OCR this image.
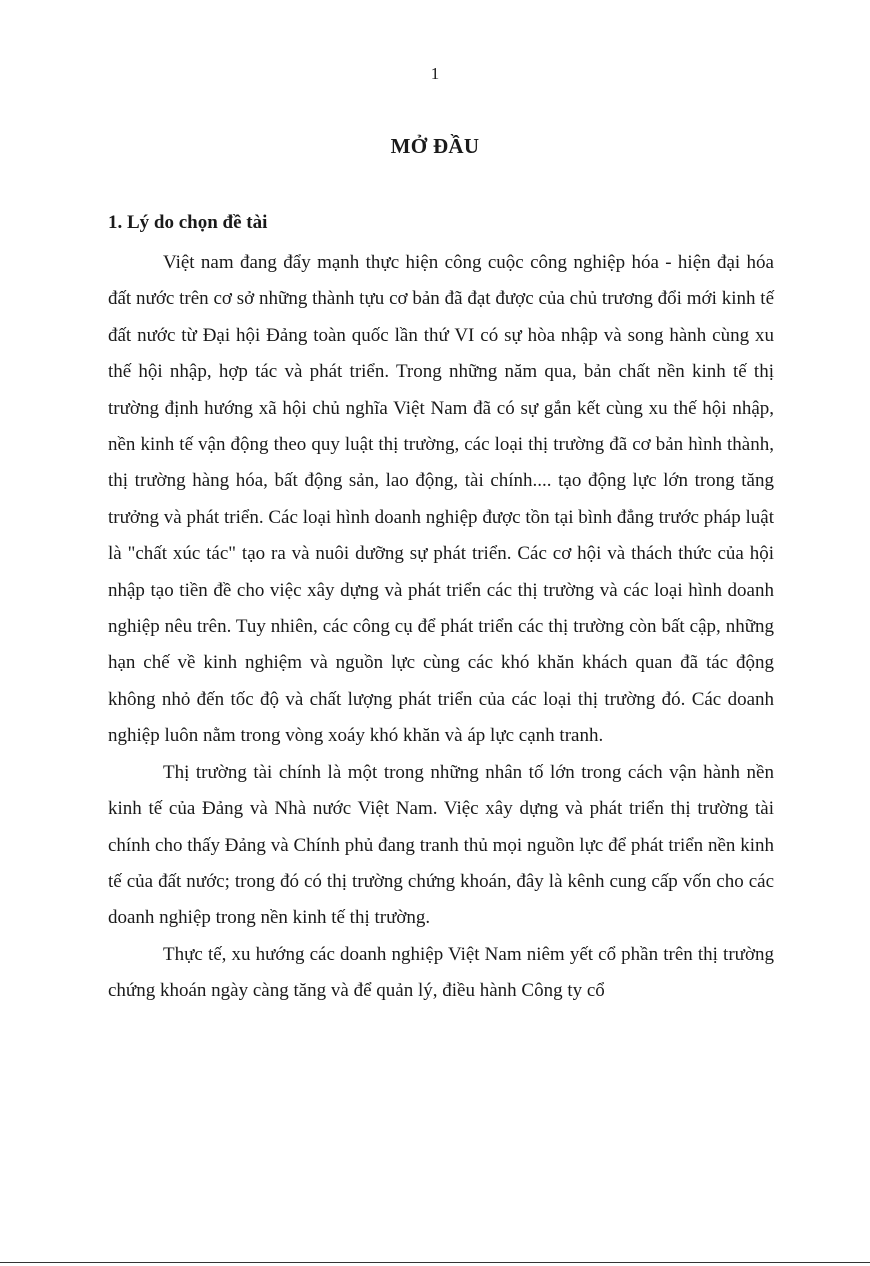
1
MỞ ĐẦU
1. Lý do chọn đề tài

Việt nam đang đẩy mạnh thực hiện công cuộc công nghiệp hóa - hiện đại hóa đất nước trên cơ sở những thành tựu cơ bản đã đạt được của chủ trương đổi mới kinh tế đất nước từ Đại hội Đảng toàn quốc lần thứ VI có sự hòa nhập và song hành cùng xu thế hội nhập, hợp tác và phát triển. Trong những năm qua, bản chất nền kinh tế thị trường định hướng xã hội chủ nghĩa Việt Nam đã có sự gắn kết cùng xu thế hội nhập, nền kinh tế vận động theo quy luật thị trường, các loại thị trường đã cơ bản hình thành, thị trường hàng hóa, bất động sản, lao động, tài chính.... tạo động lực lớn trong tăng trưởng và phát triển. Các loại hình doanh nghiệp được tồn tại bình đẳng trước pháp luật là "chất xúc tác" tạo ra và nuôi dưỡng sự phát triển. Các cơ hội và thách thức của hội nhập tạo tiền đề cho việc xây dựng và phát triển các thị trường và các loại hình doanh nghiệp nêu trên. Tuy nhiên, các công cụ để phát triển các thị trường còn bất cập, những hạn chế về kinh nghiệm và nguồn lực cùng các khó khăn khách quan đã tác động không nhỏ đến tốc độ và chất lượng phát triển của các loại thị trường đó. Các doanh nghiệp luôn nằm trong vòng xoáy khó khăn và áp lực cạnh tranh.

Thị trường tài chính là một trong những nhân tố lớn trong cách vận hành nền kinh tế của Đảng và Nhà nước Việt Nam. Việc xây dựng và phát triển thị trường tài chính cho thấy Đảng và Chính phủ đang tranh thủ mọi nguồn lực để phát triển nền kinh tế của đất nước; trong đó có thị trường chứng khoán, đây là kênh cung cấp vốn cho các doanh nghiệp trong nền kinh tế thị trường.

Thực tế, xu hướng các doanh nghiệp Việt Nam niêm yết cổ phần trên thị trường chứng khoán ngày càng tăng và để quản lý, điều hành Công ty cổ
